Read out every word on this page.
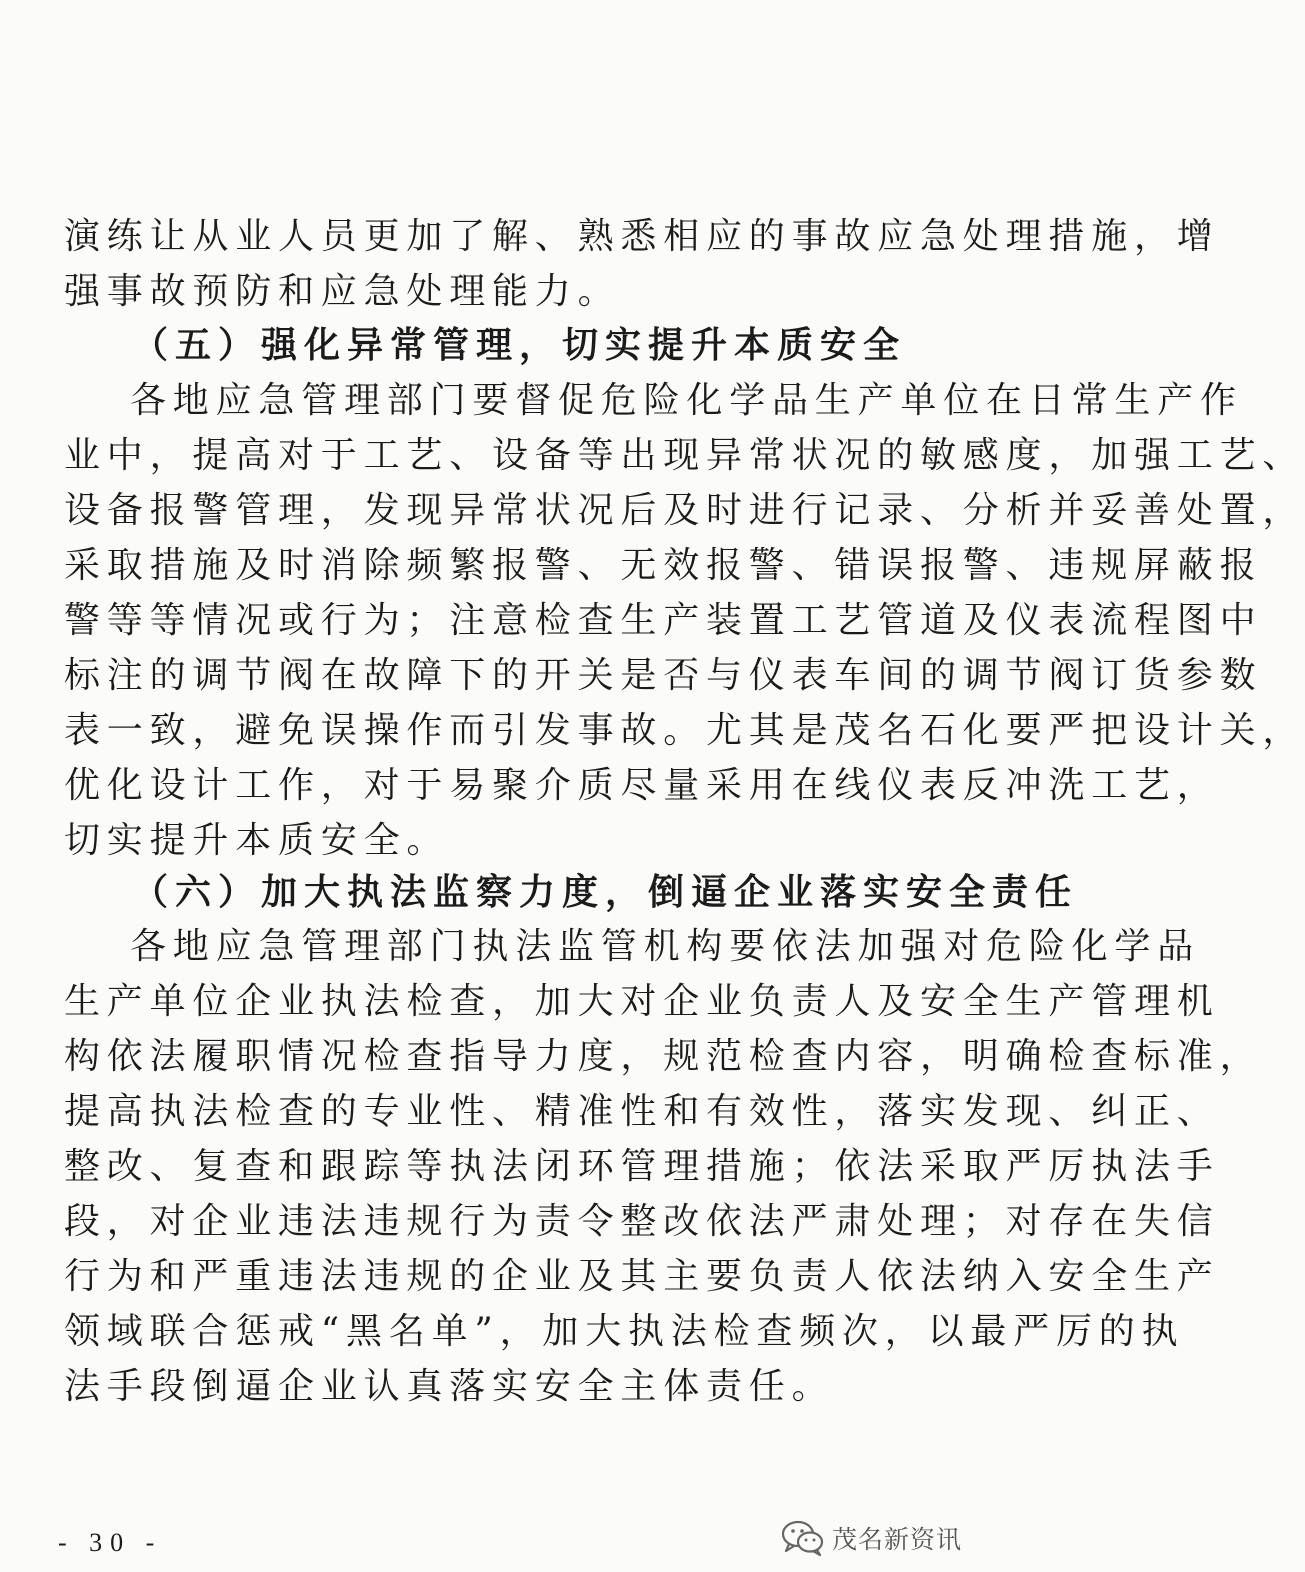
演练让从业人员更加了解、熟悉相应的事故应急处理措施，增
强事故预防和应急处理能力。
（五）强化异常管理，切实提升本质安全
各地应急管理部门要督促危险化学品生产单位在日常生产作
业中，提高对于工艺、设备等出现异常状况的敏感度，加强工艺、
设备报警管理，发现异常状况后及时进行记录、分析并妥善处置，
采取措施及时消除频繁报警、无效报警、错误报警、违规屏蔽报
警等等情况或行为；注意检查生产装置工艺管道及仪表流程图中
标注的调节阀在故障下的开关是否与仪表车间的调节阀订货参数
表一致，避免误操作而引发事故。尤其是茂名石化要严把设计关，
优化设计工作，对于易聚介质尽量采用在线仪表反冲洗工艺，
切实提升本质安全。
（六）加大执法监察力度，倒逼企业落实安全责任
各地应急管理部门执法监管机构要依法加强对危险化学品
生产单位企业执法检查，加大对企业负责人及安全生产管理机
构依法履职情况检查指导力度，规范检查内容，明确检查标准，
提高执法检查的专业性、精准性和有效性，落实发现、纠正、
整改、复查和跟踪等执法闭环管理措施；依法采取严厉执法手
段，对企业违法违规行为责令整改依法严肃处理；对存在失信
行为和严重违法违规的企业及其主要负责人依法纳入安全生产
领域联合惩戒“黑名单”，加大执法检查频次，以最严厉的执
法手段倒逼企业认真落实安全主体责任。
- 30 -	茂名新资讯
